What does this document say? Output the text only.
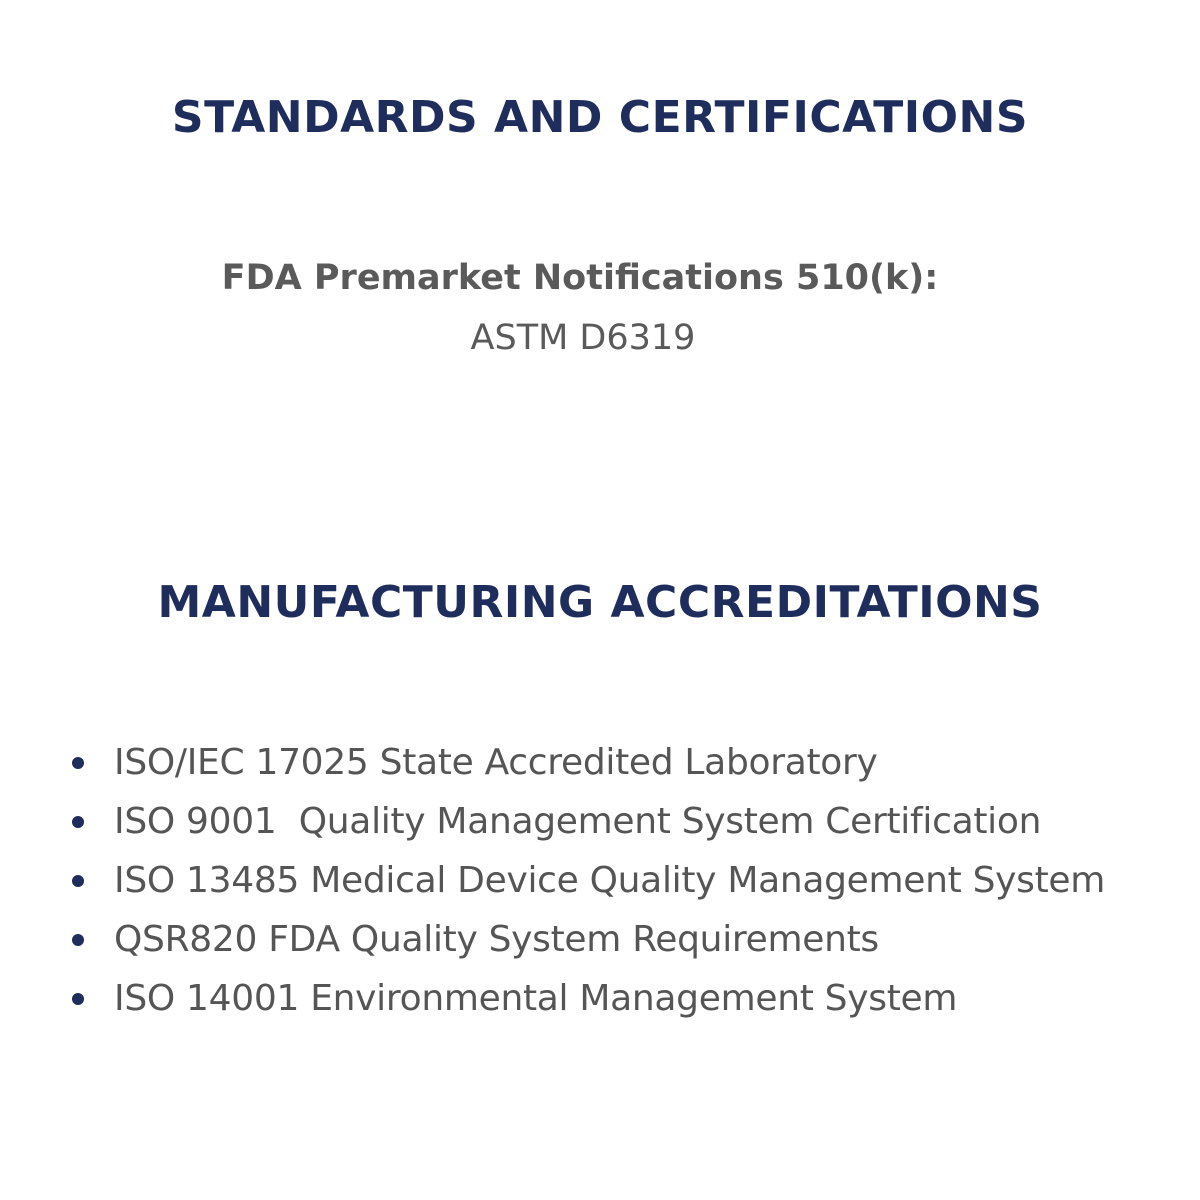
STANDARDS AND CERTIFICATIONS
FDA Premarket Notifications 510(k):
ASTM D6319
MANUFACTURING ACCREDITATIONS
ISO/IEC 17025 State Accredited Laboratory
ISO 9001  Quality Management System Certification
ISO 13485 Medical Device Quality Management System
QSR820 FDA Quality System Requirements
ISO 14001 Environmental Management System
